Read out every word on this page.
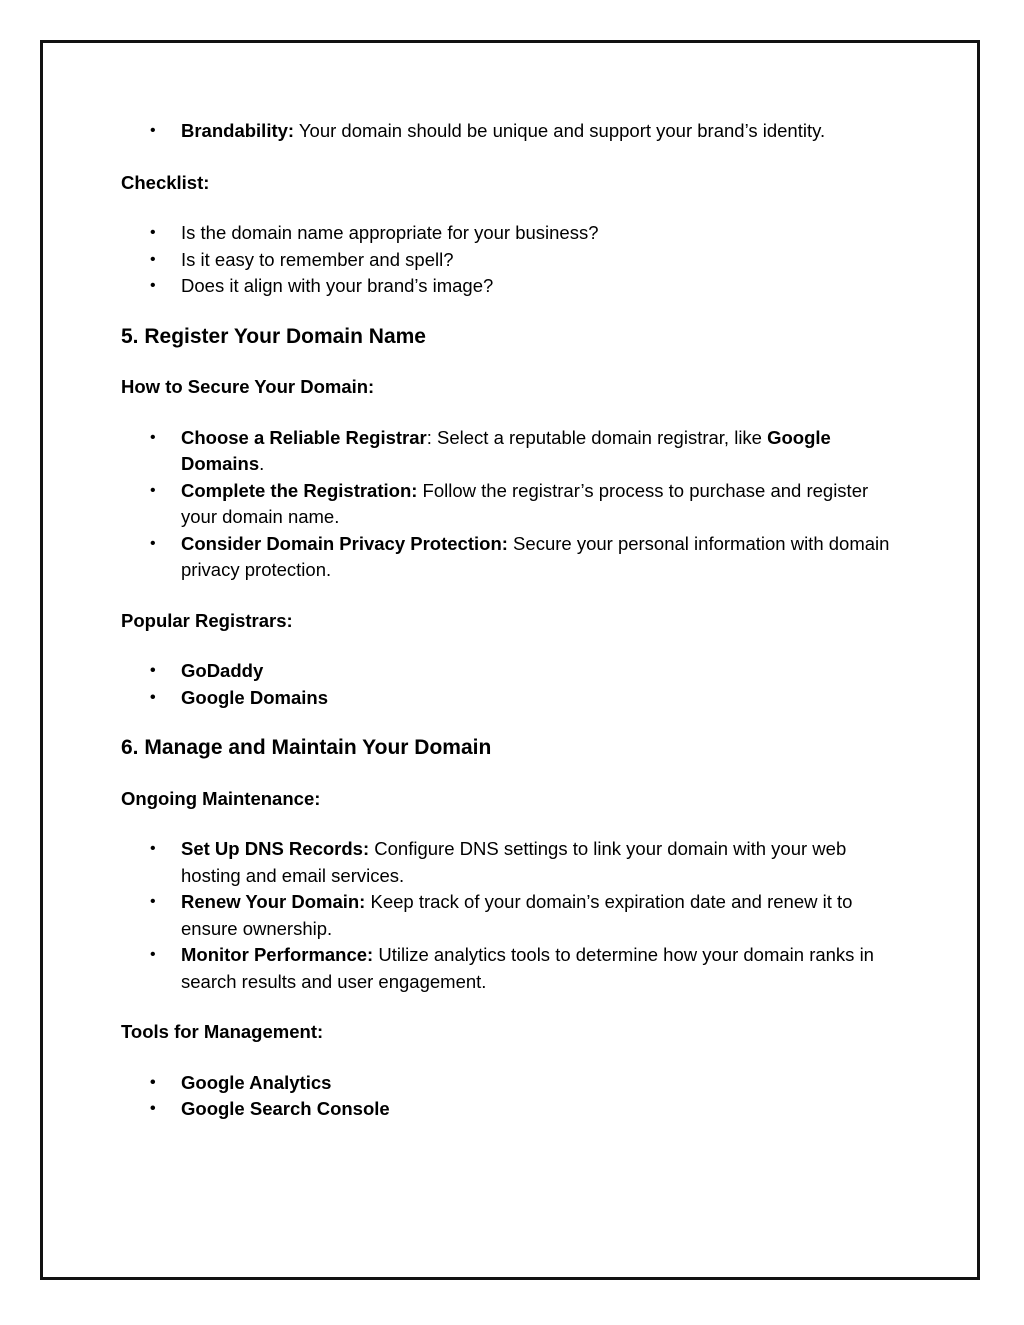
• Brandability: Your domain should be unique and support your brand’s identity.

Checklist:

• Is the domain name appropriate for your business?
• Is it easy to remember and spell?
• Does it align with your brand’s image?

5. Register Your Domain Name

How to Secure Your Domain:

• Choose a Reliable Registrar: Select a reputable domain registrar, like Google Domains.
• Complete the Registration: Follow the registrar’s process to purchase and register your domain name.
• Consider Domain Privacy Protection: Secure your personal information with domain privacy protection.

Popular Registrars:

• GoDaddy
• Google Domains

6. Manage and Maintain Your Domain

Ongoing Maintenance:

• Set Up DNS Records: Configure DNS settings to link your domain with your web hosting and email services.
• Renew Your Domain: Keep track of your domain’s expiration date and renew it to ensure ownership.
• Monitor Performance: Utilize analytics tools to determine how your domain ranks in search results and user engagement.

Tools for Management:

• Google Analytics
• Google Search Console
